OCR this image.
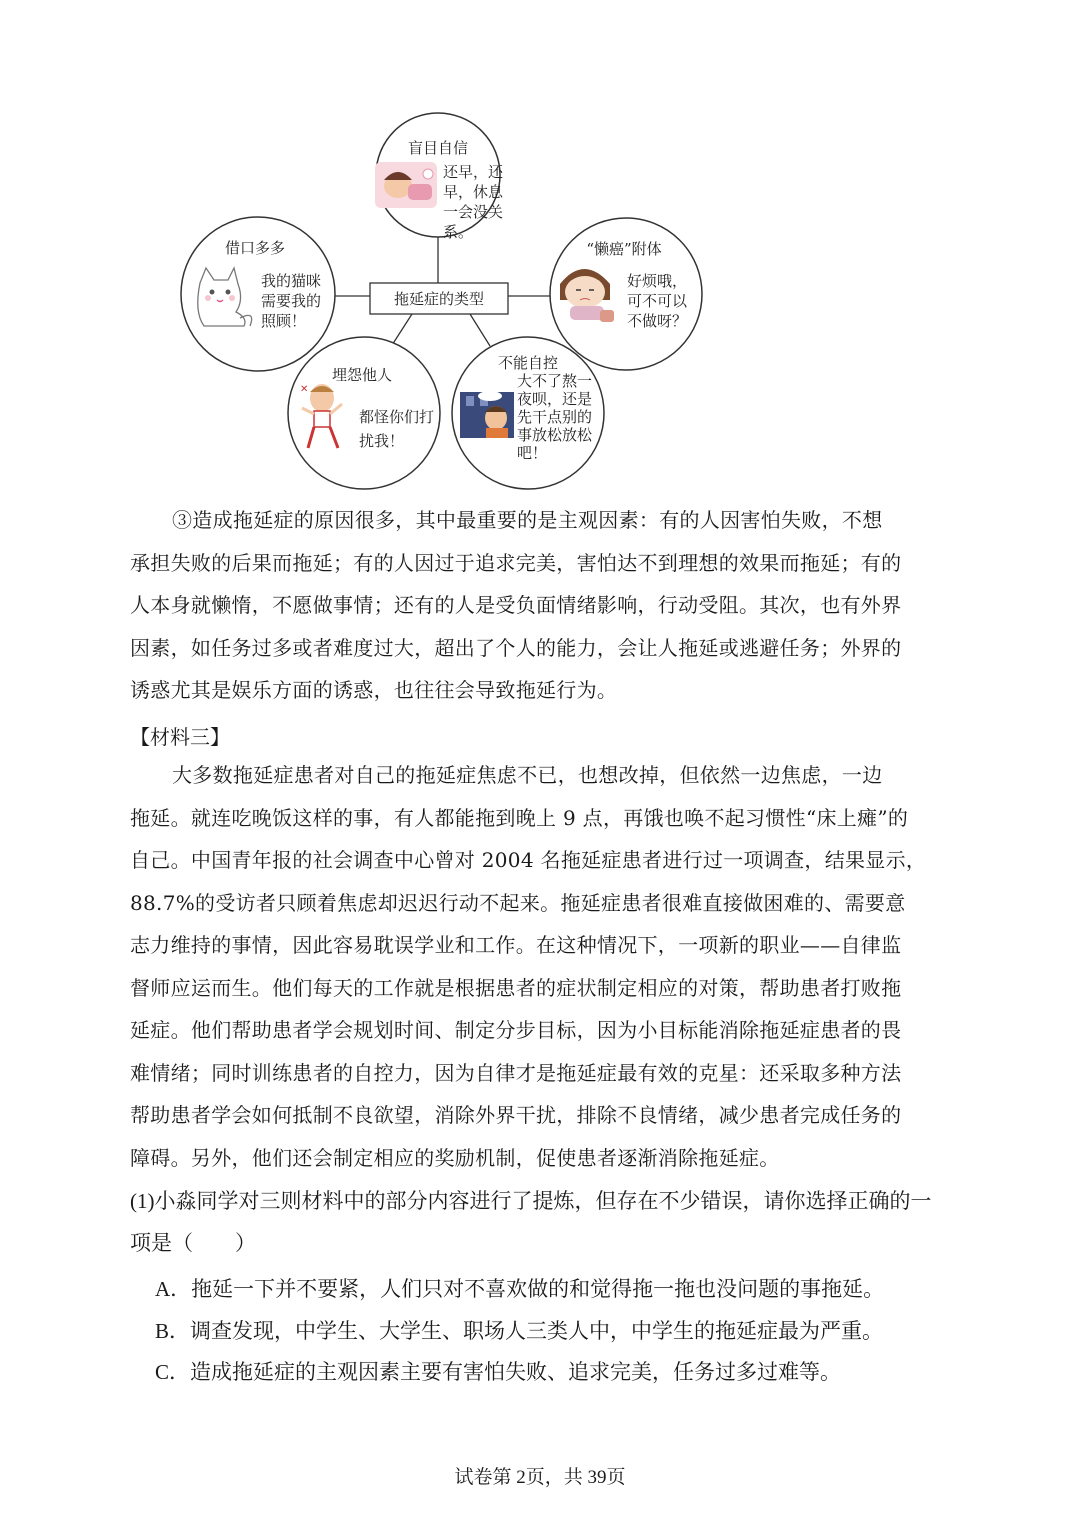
✕
盲目自信
借口多多	“懒癌”附体
埋怨他人
不能自控
拖延症的类型
还早，还
早，休息
一会没关
系。
我的猫咪
需要我的
照顾！
好烦哦，
可不可以
不做呀？
都怪你们打
扰我！
大不了熬一
夜呗，还是
先干点别的
事放松放松
吧！
③造成拖延症的原因很多，其中最重要的是主观因素：有的人因害怕失败，不想
承担失败的后果而拖延；有的人因过于追求完美，害怕达不到理想的效果而拖延；有的
人本身就懒惰，不愿做事情；还有的人是受负面情绪影响，行动受阻。其次，也有外界
因素，如任务过多或者难度过大，超出了个人的能力，会让人拖延或逃避任务；外界的
诱惑尤其是娱乐方面的诱惑，也往往会导致拖延行为。
【材料三】
大多数拖延症患者对自己的拖延症焦虑不已，也想改掉，但依然一边焦虑，一边
拖延。就连吃晚饭这样的事，有人都能拖到晚上 9 点，再饿也唤不起习惯性“床上瘫”的
自己。中国青年报的社会调查中心曾对 2004 名拖延症患者进行过一项调查，结果显示，
88.7%的受访者只顾着焦虑却迟迟行动不起来。拖延症患者很难直接做困难的、需要意
志力维持的事情，因此容易耽误学业和工作。在这种情况下，一项新的职业——自律监
督师应运而生。他们每天的工作就是根据患者的症状制定相应的对策，帮助患者打败拖
延症。他们帮助患者学会规划时间、制定分步目标，因为小目标能消除拖延症患者的畏
难情绪；同时训练患者的自控力，因为自律才是拖延症最有效的克星：还采取多种方法
帮助患者学会如何抵制不良欲望，消除外界干扰，排除不良情绪，减少患者完成任务的
障碍。另外，他们还会制定相应的奖励机制，促使患者逐渐消除拖延症。
(1)小淼同学对三则材料中的部分内容进行了提炼，但存在不少错误，请你选择正确的一
项是（　　）
A．拖延一下并不要紧，人们只对不喜欢做的和觉得拖一拖也没问题的事拖延。
B．调查发现，中学生、大学生、职场人三类人中，中学生的拖延症最为严重。
C．造成拖延症的主观因素主要有害怕失败、追求完美，任务过多过难等。
试卷第 2页，共 39页
